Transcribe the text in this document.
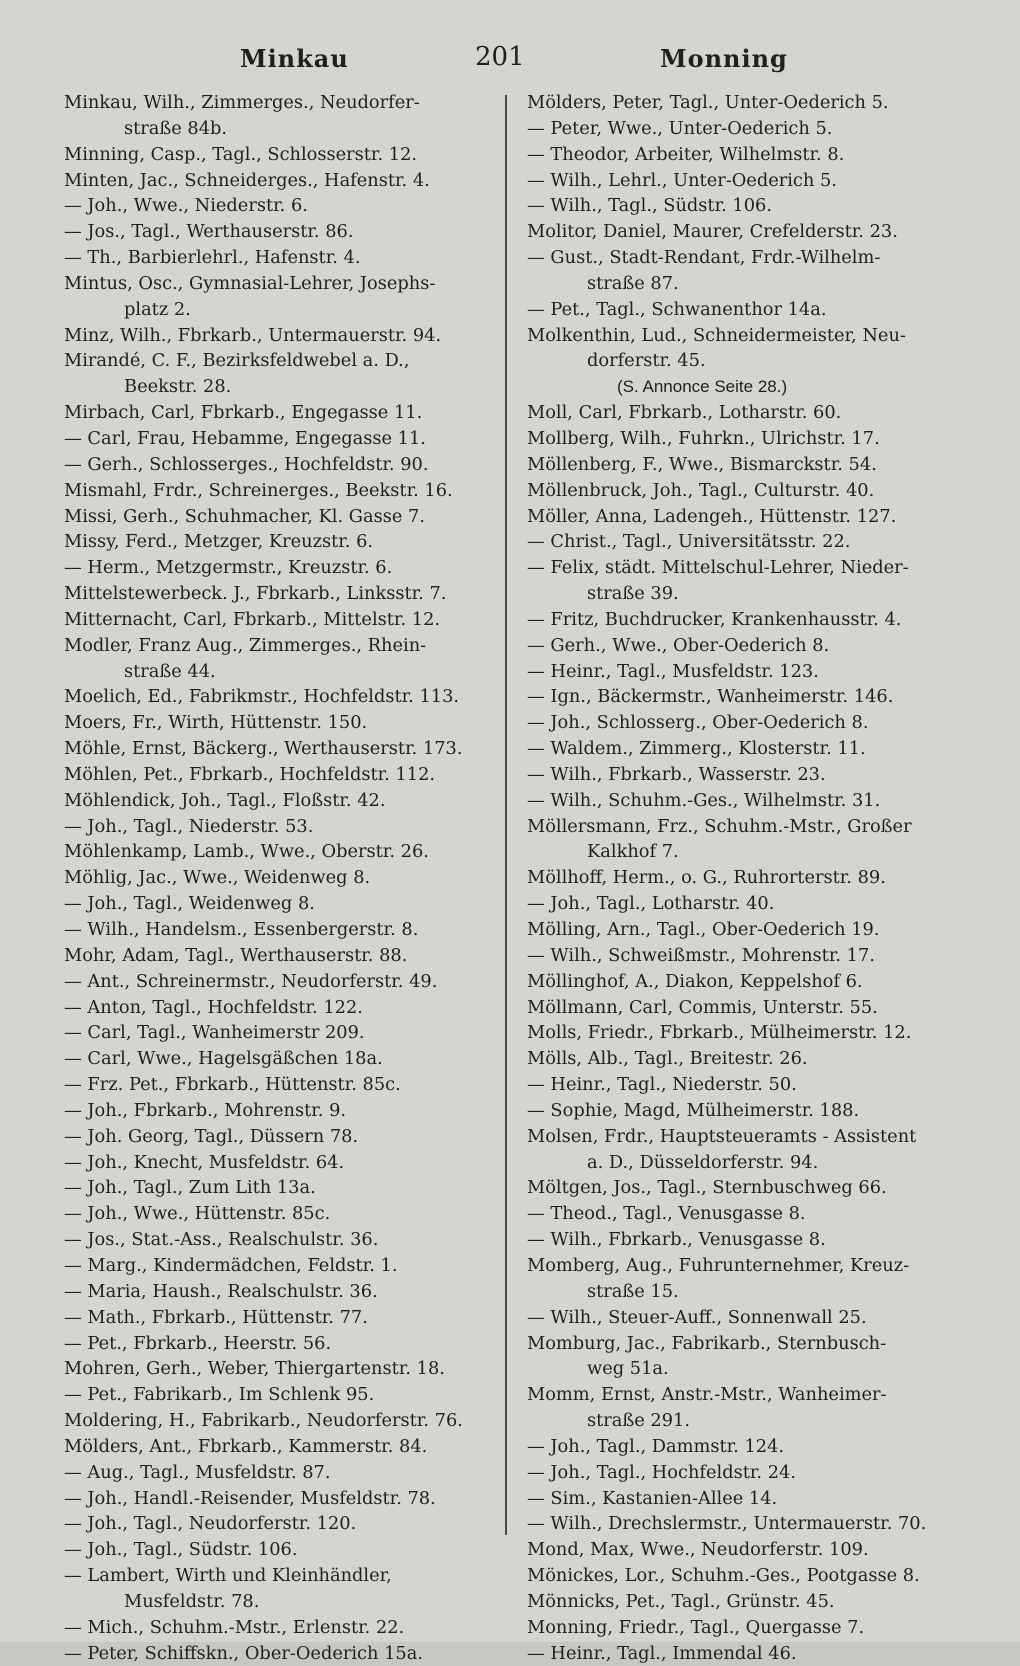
Minkau	201	Monning
Minkau, Wilh., Zimmerges., Neudorfer-
straße 84b.
Minning, Casp., Tagl., Schlosserstr. 12.
Minten, Jac., Schneiderges., Hafenstr. 4.
— Joh., Wwe., Niederstr. 6.
— Jos., Tagl., Werthauserstr. 86.
— Th., Barbierlehrl., Hafenstr. 4.
Mintus, Osc., Gymnasial-Lehrer, Josephs-
platz 2.
Minz, Wilh., Fbrkarb., Untermauerstr. 94.
Mirandé, C. F., Bezirksfeldwebel a. D.,
Beekstr. 28.
Mirbach, Carl, Fbrkarb., Engegasse 11.
— Carl, Frau, Hebamme, Engegasse 11.
— Gerh., Schlosserges., Hochfeldstr. 90.
Mismahl, Frdr., Schreinerges., Beekstr. 16.
Missi, Gerh., Schuhmacher, Kl. Gasse 7.
Missy, Ferd., Metzger, Kreuzstr. 6.
— Herm., Metzgermstr., Kreuzstr. 6.
Mittelstewerbeck. J., Fbrkarb., Linksstr. 7.
Mitternacht, Carl, Fbrkarb., Mittelstr. 12.
Modler, Franz Aug., Zimmerges., Rhein-
straße 44.
Moelich, Ed., Fabrikmstr., Hochfeldstr. 113.
Moers, Fr., Wirth, Hüttenstr. 150.
Möhle, Ernst, Bäckerg., Werthauserstr. 173.
Möhlen, Pet., Fbrkarb., Hochfeldstr. 112.
Möhlendick, Joh., Tagl., Floßstr. 42.
— Joh., Tagl., Niederstr. 53.
Möhlenkamp, Lamb., Wwe., Oberstr. 26.
Möhlig, Jac., Wwe., Weidenweg 8.
— Joh., Tagl., Weidenweg 8.
— Wilh., Handelsm., Essenbergerstr. 8.
Mohr, Adam, Tagl., Werthauserstr. 88.
— Ant., Schreinermstr., Neudorferstr. 49.
— Anton, Tagl., Hochfeldstr. 122.
— Carl, Tagl., Wanheimerstr 209.
— Carl, Wwe., Hagelsgäßchen 18a.
— Frz. Pet., Fbrkarb., Hüttenstr. 85c.
— Joh., Fbrkarb., Mohrenstr. 9.
— Joh. Georg, Tagl., Düssern 78.
— Joh., Knecht, Musfeldstr. 64.
— Joh., Tagl., Zum Lith 13a.
— Joh., Wwe., Hüttenstr. 85c.
— Jos., Stat.-Ass., Realschulstr. 36.
— Marg., Kindermädchen, Feldstr. 1.
— Maria, Haush., Realschulstr. 36.
— Math., Fbrkarb., Hüttenstr. 77.
— Pet., Fbrkarb., Heerstr. 56.
Mohren, Gerh., Weber, Thiergartenstr. 18.
— Pet., Fabrikarb., Im Schlenk 95.
Moldering, H., Fabrikarb., Neudorferstr. 76.
Mölders, Ant., Fbrkarb., Kammerstr. 84.
— Aug., Tagl., Musfeldstr. 87.
— Joh., Handl.-Reisender, Musfeldstr. 78.
— Joh., Tagl., Neudorferstr. 120.
— Joh., Tagl., Südstr. 106.
— Lambert, Wirth und Kleinhändler,
Musfeldstr. 78.
— Mich., Schuhm.-Mstr., Erlenstr. 22.
— Peter, Schiffskn., Ober-Oederich 15a.
Mölders, Peter, Tagl., Unter-Oederich 5.
— Peter, Wwe., Unter-Oederich 5.
— Theodor, Arbeiter, Wilhelmstr. 8.
— Wilh., Lehrl., Unter-Oederich 5.
— Wilh., Tagl., Südstr. 106.
Molitor, Daniel, Maurer, Crefelderstr. 23.
— Gust., Stadt-Rendant, Frdr.-Wilhelm-
straße 87.
— Pet., Tagl., Schwanenthor 14a.
Molkenthin, Lud., Schneidermeister, Neu-
dorferstr. 45.
(S. Annonce Seite 28.)
Moll, Carl, Fbrkarb., Lotharstr. 60.
Mollberg, Wilh., Fuhrkn., Ulrichstr. 17.
Möllenberg, F., Wwe., Bismarckstr. 54.
Möllenbruck, Joh., Tagl., Culturstr. 40.
Möller, Anna, Ladengeh., Hüttenstr. 127.
— Christ., Tagl., Universitätsstr. 22.
— Felix, städt. Mittelschul-Lehrer, Nieder-
straße 39.
— Fritz, Buchdrucker, Krankenhausstr. 4.
— Gerh., Wwe., Ober-Oederich 8.
— Heinr., Tagl., Musfeldstr. 123.
— Ign., Bäckermstr., Wanheimerstr. 146.
— Joh., Schlosserg., Ober-Oederich 8.
— Waldem., Zimmerg., Klosterstr. 11.
— Wilh., Fbrkarb., Wasserstr. 23.
— Wilh., Schuhm.-Ges., Wilhelmstr. 31.
Möllersmann, Frz., Schuhm.-Mstr., Großer
Kalkhof 7.
Möllhoff, Herm., o. G., Ruhrorterstr. 89.
— Joh., Tagl., Lotharstr. 40.
Mölling, Arn., Tagl., Ober-Oederich 19.
— Wilh., Schweißmstr., Mohrenstr. 17.
Möllinghof, A., Diakon, Keppelshof 6.
Möllmann, Carl, Commis, Unterstr. 55.
Molls, Friedr., Fbrkarb., Mülheimerstr. 12.
Mölls, Alb., Tagl., Breitestr. 26.
— Heinr., Tagl., Niederstr. 50.
— Sophie, Magd, Mülheimerstr. 188.
Molsen, Frdr., Hauptsteueramts - Assistent
a. D., Düsseldorferstr. 94.
Möltgen, Jos., Tagl., Sternbuschweg 66.
— Theod., Tagl., Venusgasse 8.
— Wilh., Fbrkarb., Venusgasse 8.
Momberg, Aug., Fuhrunternehmer, Kreuz-
straße 15.
— Wilh., Steuer-Auff., Sonnenwall 25.
Momburg, Jac., Fabrikarb., Sternbusch-
weg 51a.
Momm, Ernst, Anstr.-Mstr., Wanheimer-
straße 291.
— Joh., Tagl., Dammstr. 124.
— Joh., Tagl., Hochfeldstr. 24.
— Sim., Kastanien-Allee 14.
— Wilh., Drechslermstr., Untermauerstr. 70.
Mond, Max, Wwe., Neudorferstr. 109.
Mönickes, Lor., Schuhm.-Ges., Pootgasse 8.
Mönnicks, Pet., Tagl., Grünstr. 45.
Monning, Friedr., Tagl., Quergasse 7.
— Heinr., Tagl., Immendal 46.
